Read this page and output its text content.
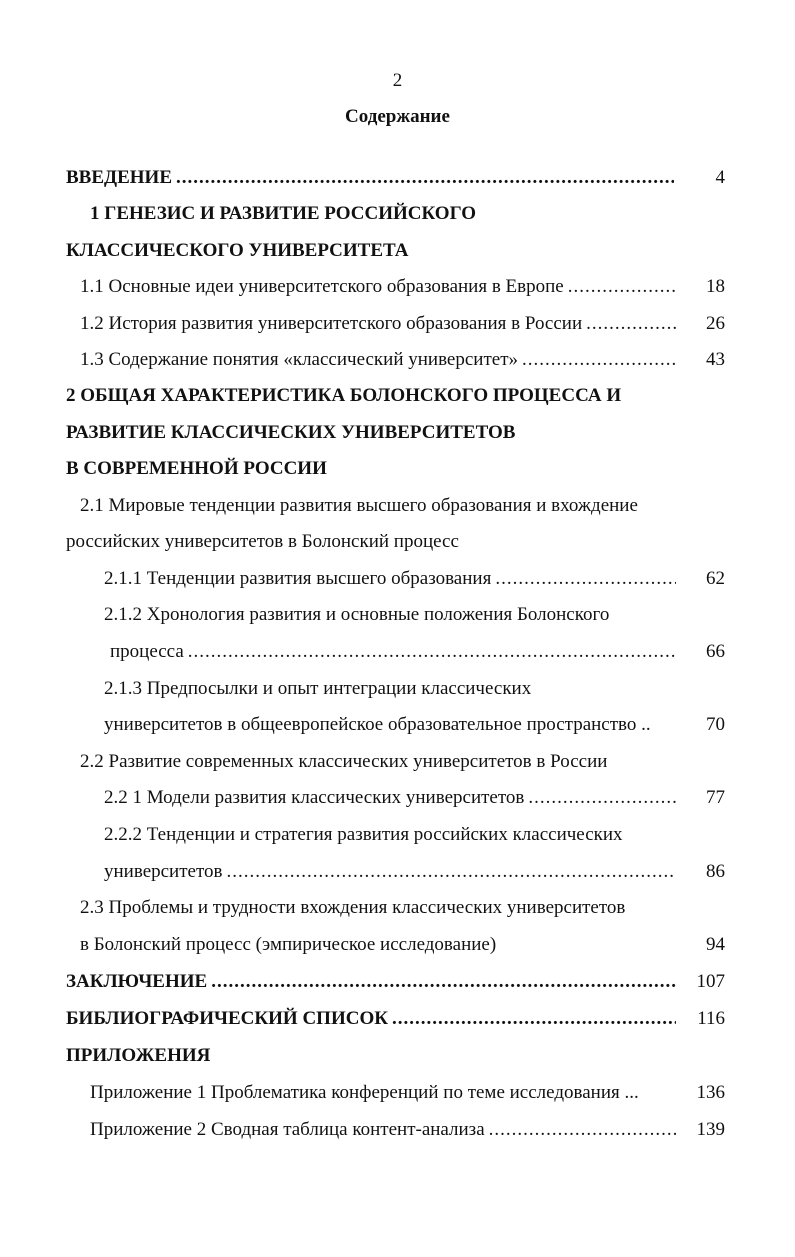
2
Содержание
ВВЕДЕНИЕ .....	4
1 ГЕНЕЗИС И РАЗВИТИЕ РОССИЙСКОГО
КЛАССИЧЕСКОГО УНИВЕРСИТЕТА
1.1 Основные идеи университетского образования в Европе .....	18
1.2 История развития университетского образования в России .....	26
1.3 Содержание понятия «классический университет» .....	43
2 ОБЩАЯ ХАРАКТЕРИСТИКА БОЛОНСКОГО ПРОЦЕССА И
РАЗВИТИЕ КЛАССИЧЕСКИХ УНИВЕРСИТЕТОВ
В СОВРЕМЕННОЙ РОССИИ
2.1 Мировые тенденции развития высшего образования и вхождение
российских университетов в Болонский процесс
2.1.1 Тенденции развития высшего образования .....	62
2.1.2 Хронология развития и основные положения Болонского
процесса .....	66
2.1.3 Предпосылки и опыт интеграции классических
университетов в общеевропейское образовательное пространство ..	70
2.2 Развитие современных классических университетов в России
2.2 1 Модели развития классических университетов .....	77
2.2.2 Тенденции и стратегия развития российских классических
университетов .....	86
2.3 Проблемы и трудности вхождения классических университетов
в Болонский процесс (эмпирическое исследование)	94
ЗАКЛЮЧЕНИЕ .....	107
БИБЛИОГРАФИЧЕСКИЙ СПИСОК .....	116
ПРИЛОЖЕНИЯ
Приложение 1 Проблематика конференций по теме исследования ...	136
Приложение 2 Сводная таблица контент-анализа .....	139
